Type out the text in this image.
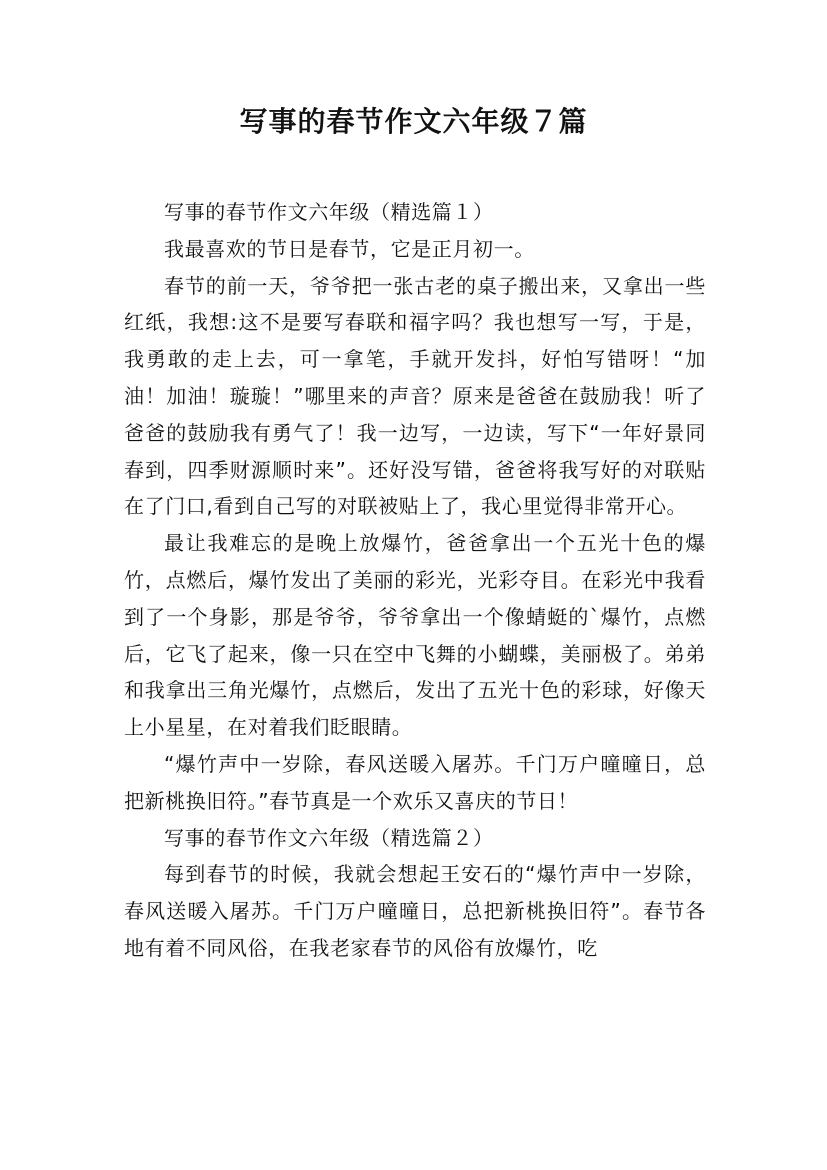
写事的春节作文六年级７篇

写事的春节作文六年级（精选篇１）

我最喜欢的节日是春节，它是正月初一。

春节的前一天，爷爷把一张古老的桌子搬出来，又拿出一些红纸，我想:这不是要写春联和福字吗？我也想写一写，于是，我勇敢的走上去，可一拿笔，手就开发抖，好怕写错呀！“加油！加油！璇璇！”哪里来的声音？原来是爸爸在鼓励我！听了爸爸的鼓励我有勇气了！我一边写，一边读，写下“一年好景同春到，四季财源顺时来”。还好没写错，爸爸将我写好的对联贴在了门口,看到自己写的对联被贴上了，我心里觉得非常开心。

最让我难忘的是晚上放爆竹，爸爸拿出一个五光十色的爆竹，点燃后，爆竹发出了美丽的彩光，光彩夺目。在彩光中我看到了一个身影，那是爷爷，爷爷拿出一个像蜻蜓的`爆竹，点燃后，它飞了起来，像一只在空中飞舞的小蝴蝶，美丽极了。弟弟和我拿出三角光爆竹，点燃后，发出了五光十色的彩球，好像天上小星星，在对着我们眨眼睛。

“爆竹声中一岁除，春风送暖入屠苏。千门万户曈曈日，总把新桃换旧符。”春节真是一个欢乐又喜庆的节日！

写事的春节作文六年级（精选篇２）

每到春节的时候，我就会想起王安石的“爆竹声中一岁除，春风送暖入屠苏。千门万户曈曈日，总把新桃换旧符”。春节各地有着不同风俗，在我老家春节的风俗有放爆竹，吃
